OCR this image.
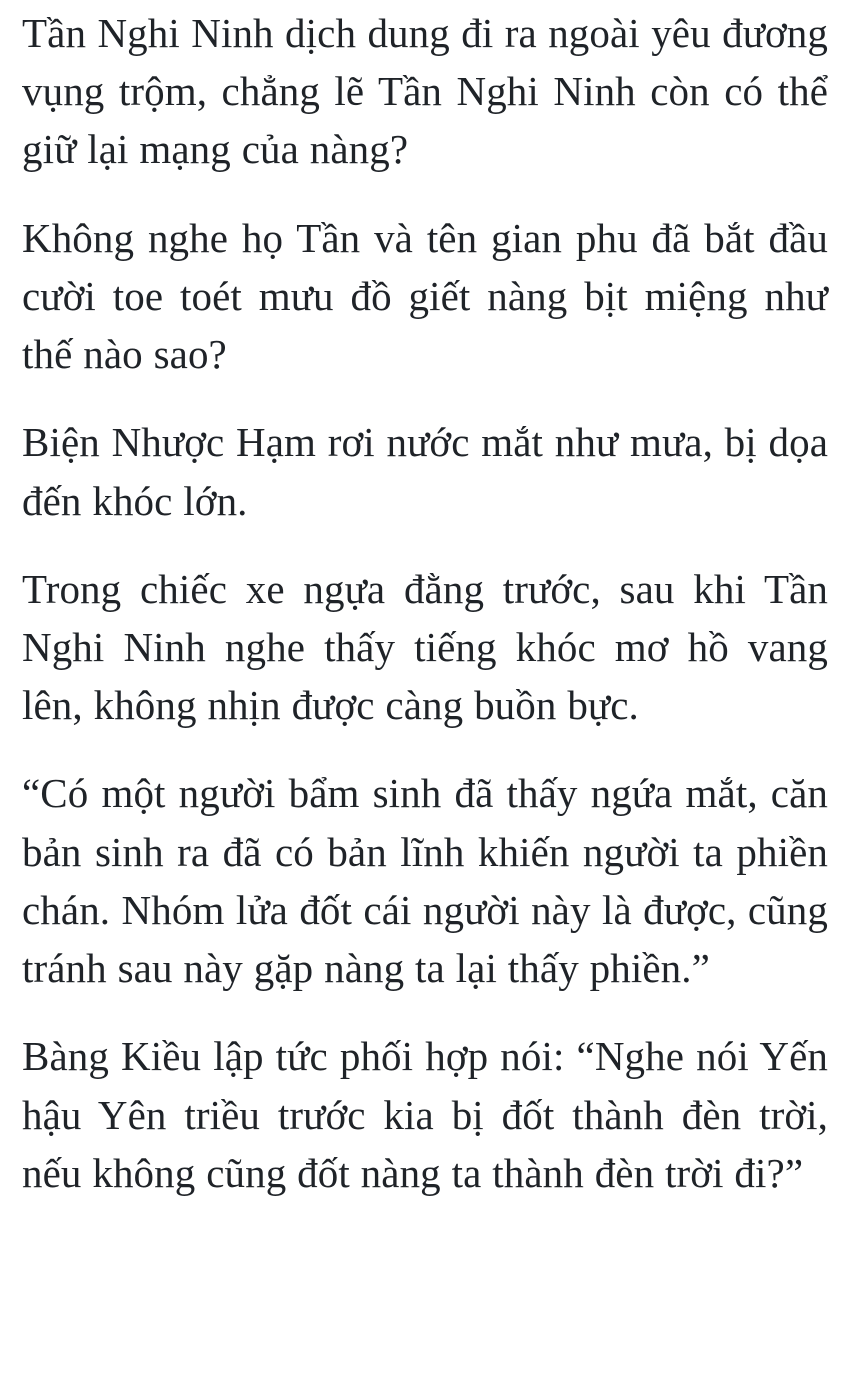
Tần Nghi Ninh dịch dung đi ra ngoài yêu đương vụng trộm, chẳng lẽ Tần Nghi Ninh còn có thể giữ lại mạng của nàng?

Không nghe họ Tần và tên gian phu đã bắt đầu cười toe toét mưu đồ giết nàng bịt miệng như thế nào sao?

Biện Nhược Hạm rơi nước mắt như mưa, bị dọa đến khóc lớn.

Trong chiếc xe ngựa đằng trước, sau khi Tần Nghi Ninh nghe thấy tiếng khóc mơ hồ vang lên, không nhịn được càng buồn bực.

“Có một người bẩm sinh đã thấy ngứa mắt, căn bản sinh ra đã có bản lĩnh khiến người ta phiền chán. Nhóm lửa đốt cái người này là được, cũng tránh sau này gặp nàng ta lại thấy phiền.”

Bàng Kiều lập tức phối hợp nói: “Nghe nói Yến hậu Yên triều trước kia bị đốt thành đèn trời, nếu không cũng đốt nàng ta thành đèn trời đi?”
